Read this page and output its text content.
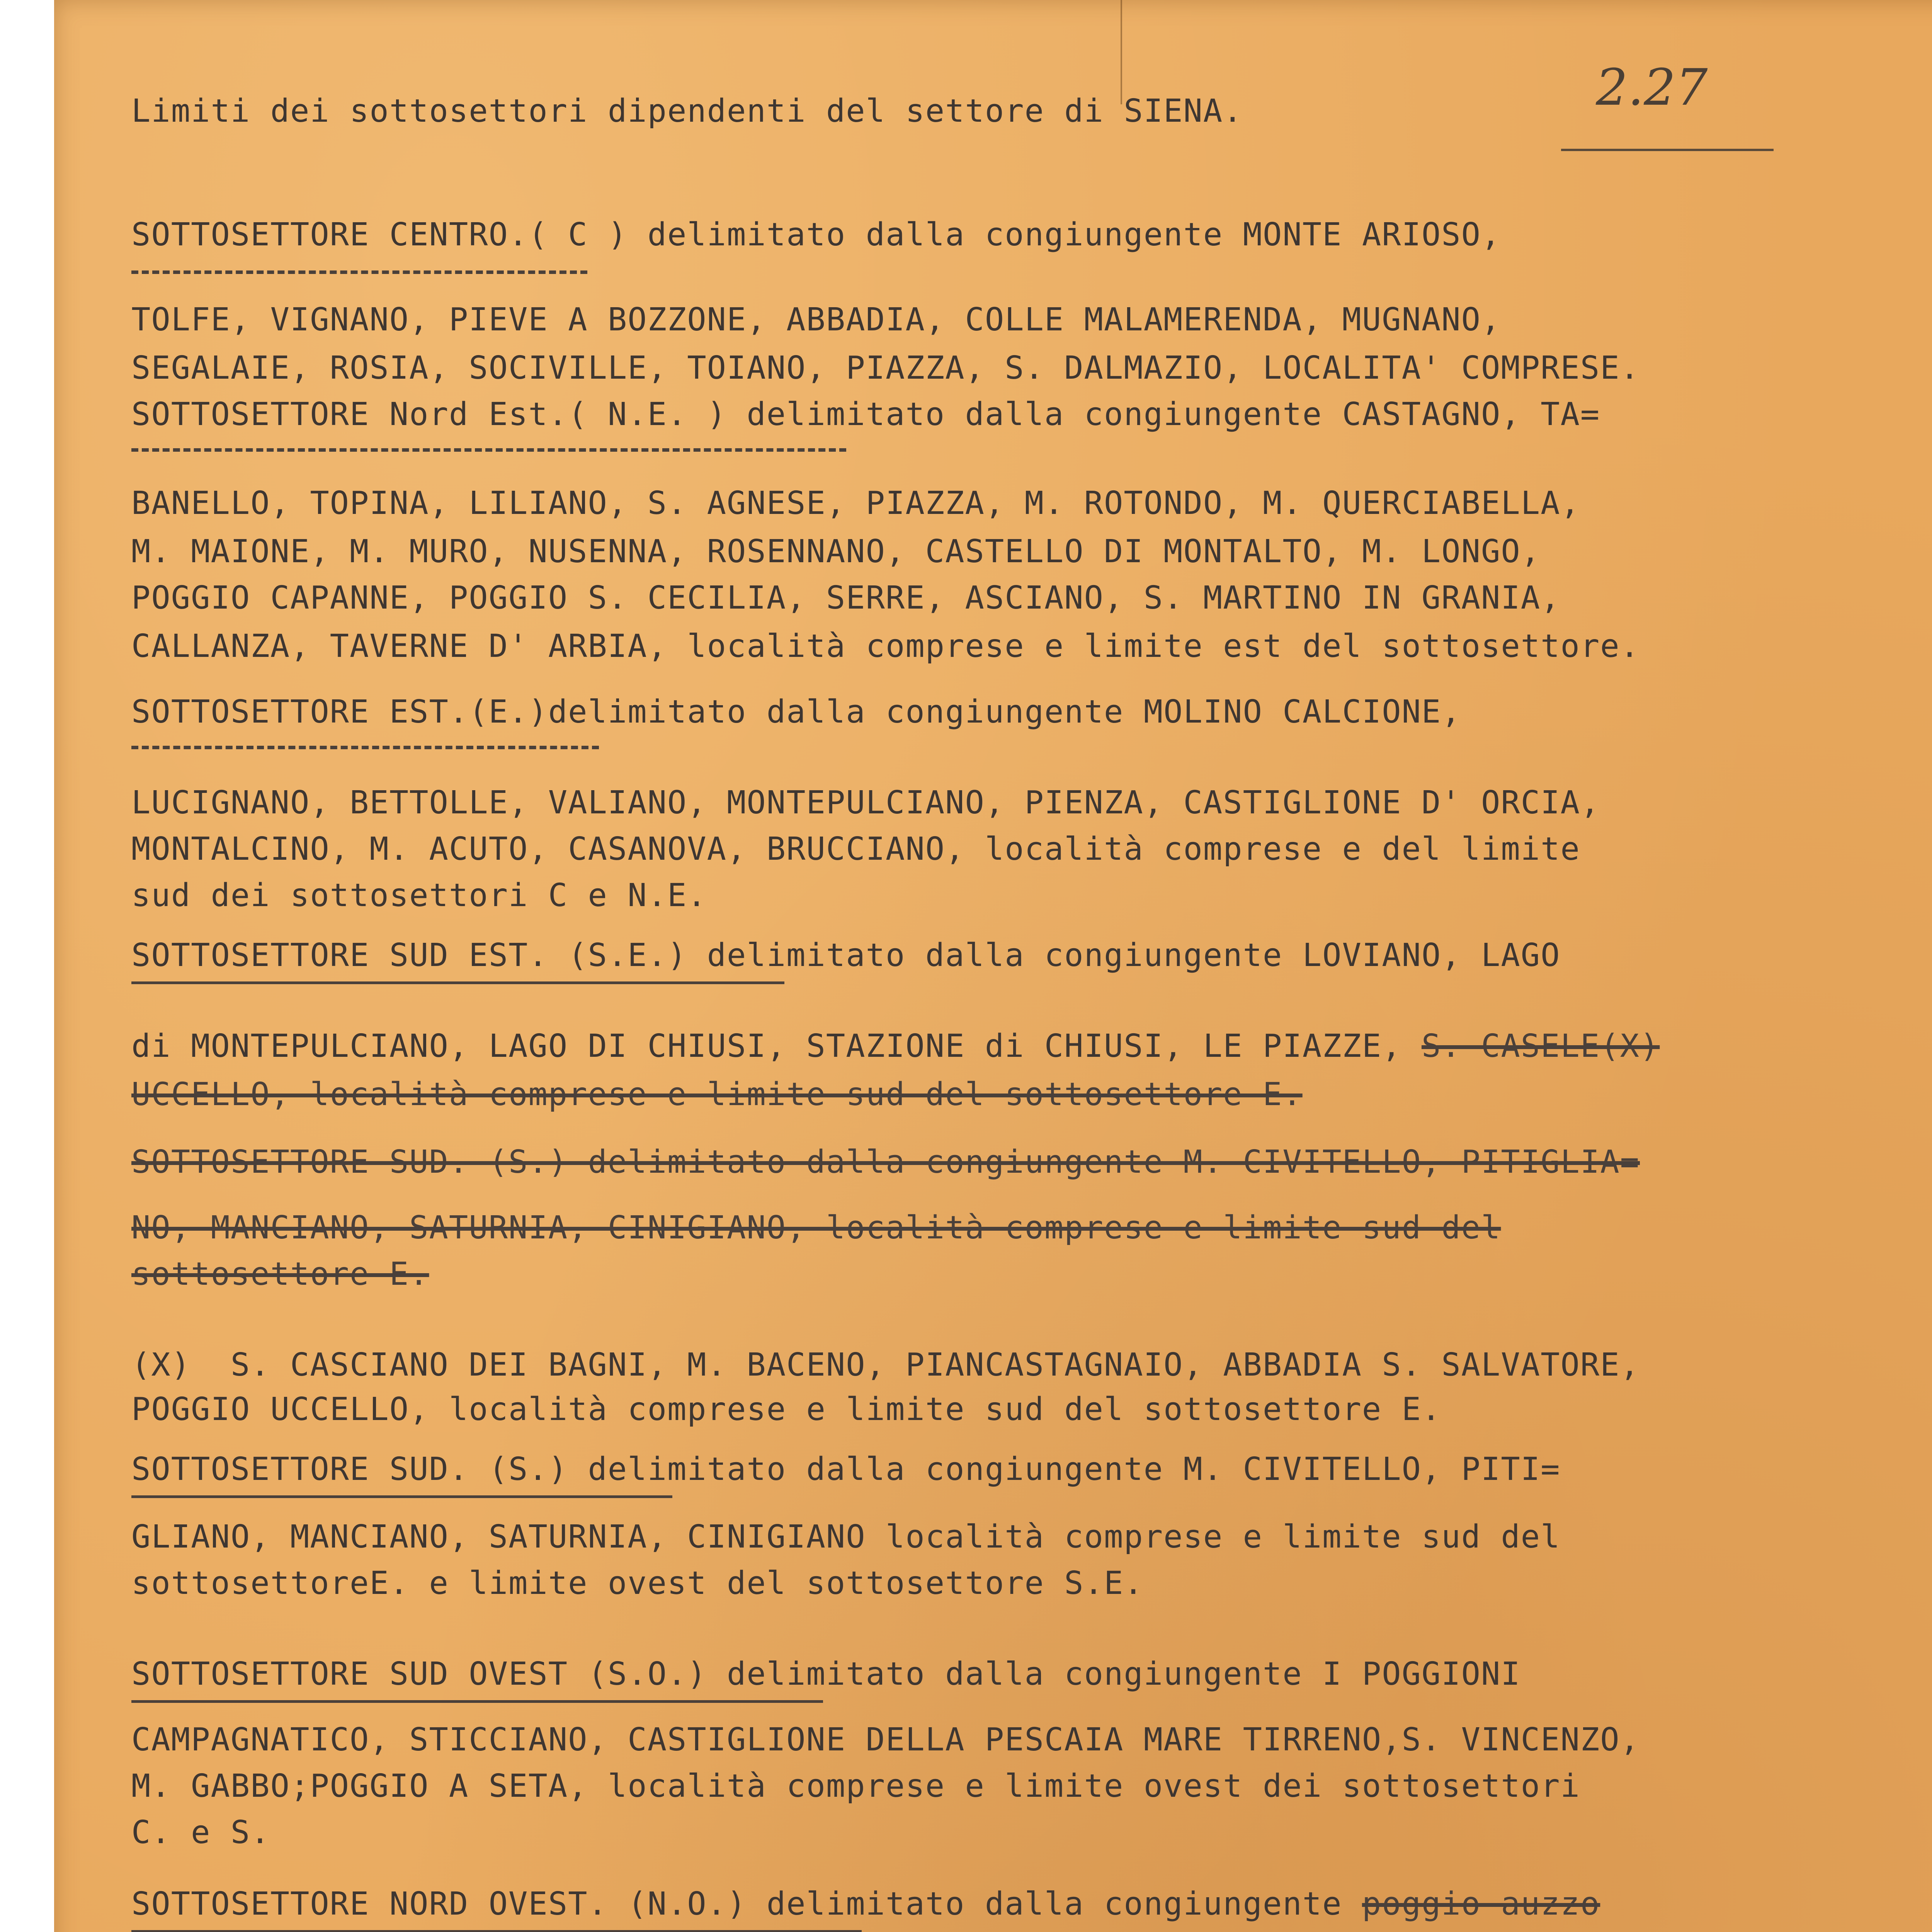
2.27

Limiti dei sottosettori dipendenti del settore di SIENA.

SOTTOSETTORE CENTRO.( C ) delimitato dalla congiungente MONTE ARIOSO,

TOLFE, VIGNANO, PIEVE A BOZZONE, ABBADIA, COLLE MALAMERENDA, MUGNANO,

SEGALAIE, ROSIA, SOCIVILLE, TOIANO, PIAZZA, S. DALMAZIO, LOCALITA' COMPRESE.

SOTTOSETTORE Nord Est.( N.E. ) delimitato dalla congiungente CASTAGNO, TA=

BANELLO, TOPINA, LILIANO, S. AGNESE, PIAZZA, M. ROTONDO, M. QUERCIABELLA,

M. MAIONE, M. MURO, NUSENNA, ROSENNANO, CASTELLO DI MONTALTO, M. LONGO,

POGGIO CAPANNE, POGGIO S. CECILIA, SERRE, ASCIANO, S. MARTINO IN GRANIA,

CALLANZA, TAVERNE D' ARBIA, località comprese e limite est del sottosettore.

SOTTOSETTORE EST.(E.)delimitato dalla congiungente MOLINO CALCIONE,

LUCIGNANO, BETTOLLE, VALIANO, MONTEPULCIANO, PIENZA, CASTIGLIONE D' ORCIA,

MONTALCINO, M. ACUTO, CASANOVA, BRUCCIANO, località comprese e del limite

sud dei sottosettori C e N.E.

SOTTOSETTORE SUD EST. (S.E.) delimitato dalla congiungente LOVIANO, LAGO

di MONTEPULCIANO, LAGO DI CHIUSI, STAZIONE di CHIUSI, LE PIAZZE, S. CASELE(X)

UCCELLO, località comprese e limite sud del sottosettore E.

SOTTOSETTORE SUD. (S.) delimitato dalla congiungente M. CIVITELLO, PITIGLIA=

NO, MANCIANO, SATURNIA, CINIGIANO, località comprese e limite sud del

sottosettore E.

(X) S. CASCIANO DEI BAGNI, M. BACENO, PIANCASTAGNAIO, ABBADIA S. SALVATORE,

POGGIO UCCELLO, località comprese e limite sud del sottosettore E.

SOTTOSETTORE SUD. (S.) delimitato dalla congiungente M. CIVITELLO, PITI=

GLIANO, MANCIANO, SATURNIA, CINIGIANO località comprese e limite sud del

sottosettoreE. e limite ovest del sottosettore S.E.

SOTTOSETTORE SUD OVEST (S.O.) delimitato dalla congiungente I POGGIONI

CAMPAGNATICO, STICCIANO, CASTIGLIONE DELLA PESCAIA MARE TIRRENO,S. VINCENZO,

M. GABBO;POGGIO A SETA, località comprese e limite ovest dei sottosettori

C. e S.

SOTTOSETTORE NORD OVEST. (N.O.) delimitato dalla congiungente poggio auzzo
